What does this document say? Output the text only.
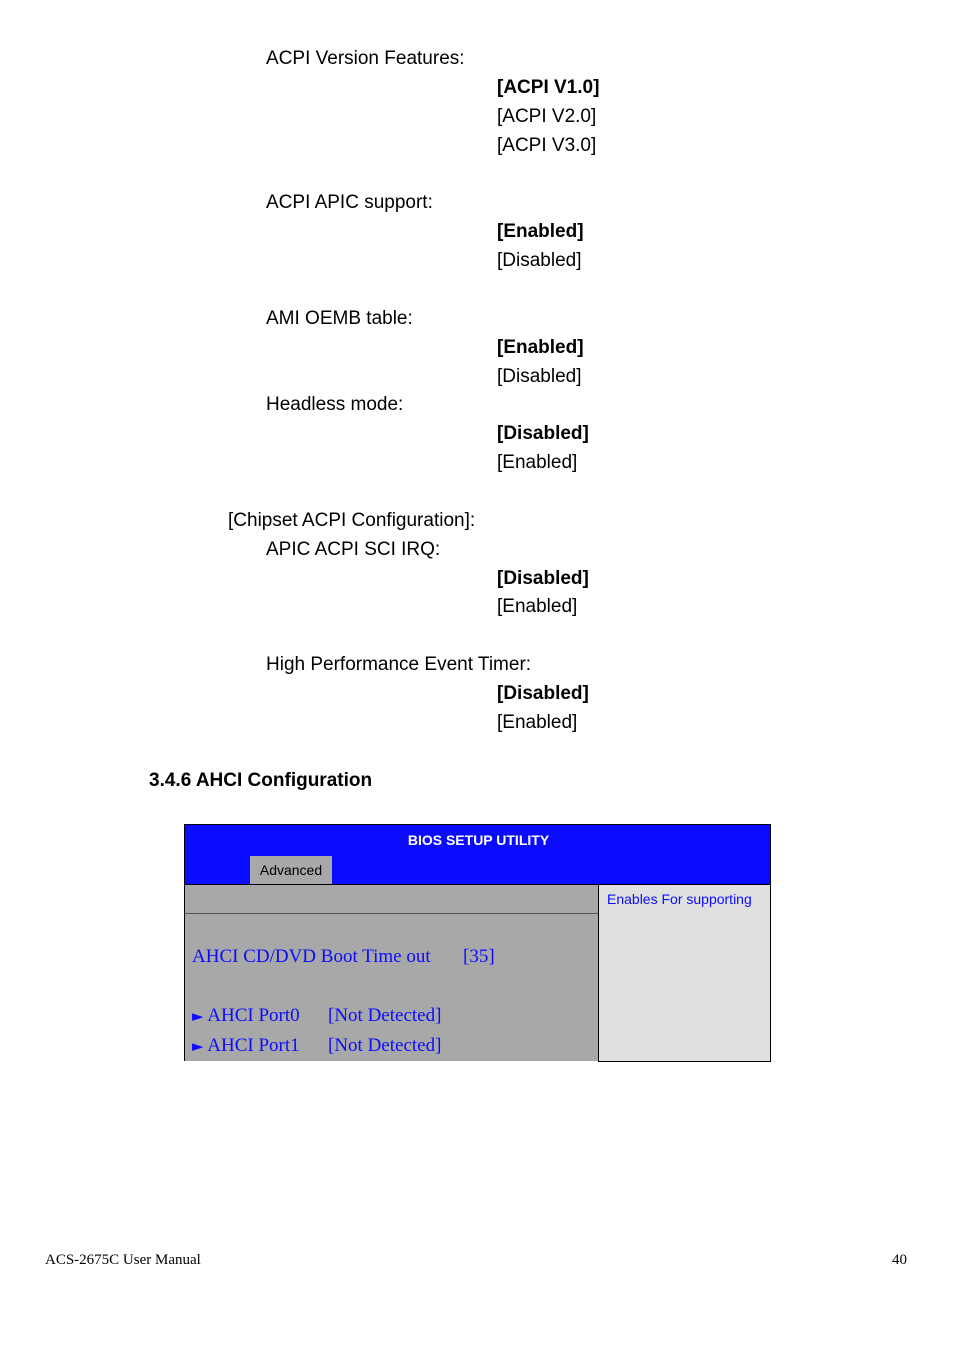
ACPI Version Features:
[ACPI V1.0]
[ACPI V2.0]
[ACPI V3.0]
ACPI APIC support:
[Enabled]
[Disabled]
AMI OEMB table:
[Enabled]
[Disabled]
Headless mode:
[Disabled]
[Enabled]
[Chipset ACPI Configuration]:
APIC ACPI SCI IRQ:
[Disabled]
[Enabled]
High Performance Event Timer:
[Disabled]
[Enabled]
3.4.6 AHCI Configuration
BIOS SETUP UTILITY
Advanced
Enables For supporting
AHCI CD/DVD Boot Time out [35]
► AHCI Port0 [Not Detected]
► AHCI Port1 [Not Detected]
ACS-2675C User Manual	40
